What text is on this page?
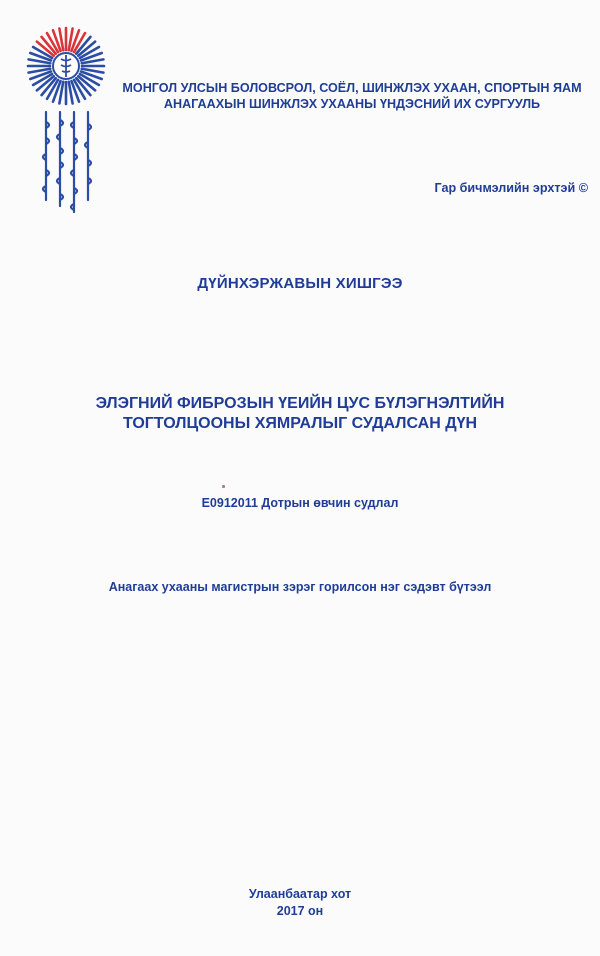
МОНГОЛ УЛСЫН БОЛОВСРОЛ, СОЁЛ, ШИНЖЛЭХ УХААН, СПОРТЫН ЯАМ
АНАГААХЫН ШИНЖЛЭХ УХААНЫ ҮНДЭСНИЙ ИХ СУРГУУЛЬ
Гар бичмэлийн эрхтэй ©
ДҮЙНХЭРЖАВЫН ХИШГЭЭ
ЭЛЭГНИЙ ФИБРОЗЫН ҮЕИЙН ЦУС БҮЛЭГНЭЛТИЙН
ТОГТОЛЦООНЫ ХЯМРАЛЫГ СУДАЛСАН ДҮН
Е0912011 Дотрын өвчин судлал
Анагаах ухааны магистрын зэрэг горилсон нэг сэдэвт бүтээл
Улаанбаатар хот
2017 он
